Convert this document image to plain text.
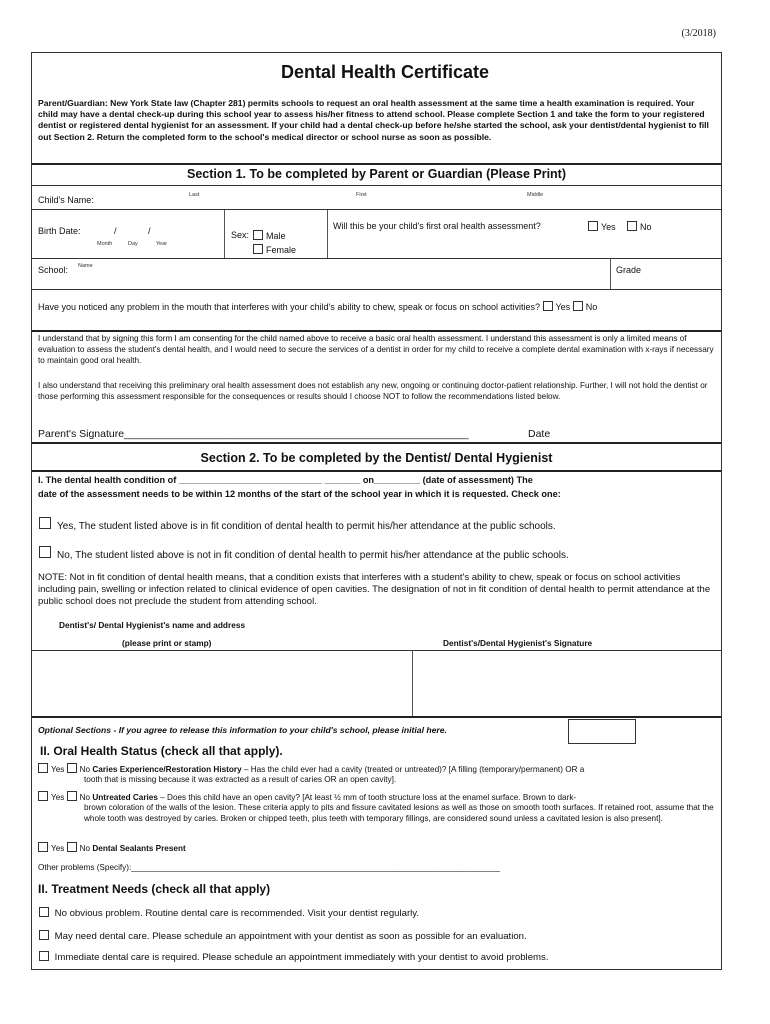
(3/2018)
Dental Health Certificate
Parent/Guardian: New York State law (Chapter 281) permits schools to request an oral health assessment at the same time a health examination is required. Your child may have a dental check-up during this school year to assess his/her fitness to attend school. Please complete Section 1 and take the form to your registered dentist or registered dental hygienist for an assessment. If your child had a dental check-up before he/she started the school, ask your dentist/dental hygienist to fill out Section 2. Return the completed form to the school's medical director or school nurse as soon as possible.
Section 1. To be completed by Parent or Guardian (Please Print)
Child's Name:	Last	First	Middle
Birth Date:	/	/
Month	Day	Year
Sex:	Male
Female
Will this be your child's first oral health assessment?	Yes	No
School: Name	Grade
Have you noticed any problem in the mouth that interferes with your child's ability to chew, speak or focus on school activities? Yes No
I understand that by signing this form I am consenting for the child named above to receive a basic oral health assessment. I understand this assessment is only a limited means of evaluation to assess the student's dental health, and I would need to secure the services of a dentist in order for my child to receive a complete dental examination with x-rays if necessary to maintain good oral health.
I also understand that receiving this preliminary oral health assessment does not establish any new, ongoing or continuing doctor-patient relationship. Further, I will not hold the dentist or those performing this assessment responsible for the consequences or results should I choose NOT to follow the recommendations listed below.
Parent's Signature___________________________________________________________	Date
Section 2. To be completed by the Dentist/ Dental Hygienist
I. The dental health condition of ____________________________ _______ on_________ (date of assessment) The
date of the assessment needs to be within 12 months of the start of the school year in which it is requested. Check one:
Yes, The student listed above is in fit condition of dental health to permit his/her attendance at the public schools.
No, The student listed above is not in fit condition of dental health to permit his/her attendance at the public schools.
NOTE: Not in fit condition of dental health means, that a condition exists that interferes with a student's ability to chew, speak or focus on school activities including pain, swelling or infection related to clinical evidence of open cavities. The designation of not in fit condition of dental health to permit attendance at the public school does not preclude the student from attending school.
Dentist's/ Dental Hygienist's name and address
(please print or stamp)	Dentist's/Dental Hygienist's Signature
Optional Sections - If you agree to release this information to your child's school, please initial here.
II. Oral Health Status (check all that apply).
Yes No Caries Experience/Restoration History – Has the child ever had a cavity (treated or untreated)? [A filling (temporary/permanent) OR a
tooth that is missing because it was extracted as a result of caries OR an open cavity].
Yes No Untreated Caries – Does this child have an open cavity? [At least ½ mm of tooth structure loss at the enamel surface. Brown to dark-
brown coloration of the walls of the lesion. These criteria apply to pits and fissure cavitated lesions as well as those on smooth tooth surfaces. If retained root, assume that the whole tooth was destroyed by caries. Broken or chipped teeth, plus teeth with temporary fillings, are considered sound unless a cavitated lesion is also present].
Yes No Dental Sealants Present
Other problems (Specify):_________________________________________________________________________________
II. Treatment Needs (check all that apply)
No obvious problem. Routine dental care is recommended. Visit your dentist regularly.
May need dental care. Please schedule an appointment with your dentist as soon as possible for an evaluation.
Immediate dental care is required. Please schedule an appointment immediately with your dentist to avoid problems.
